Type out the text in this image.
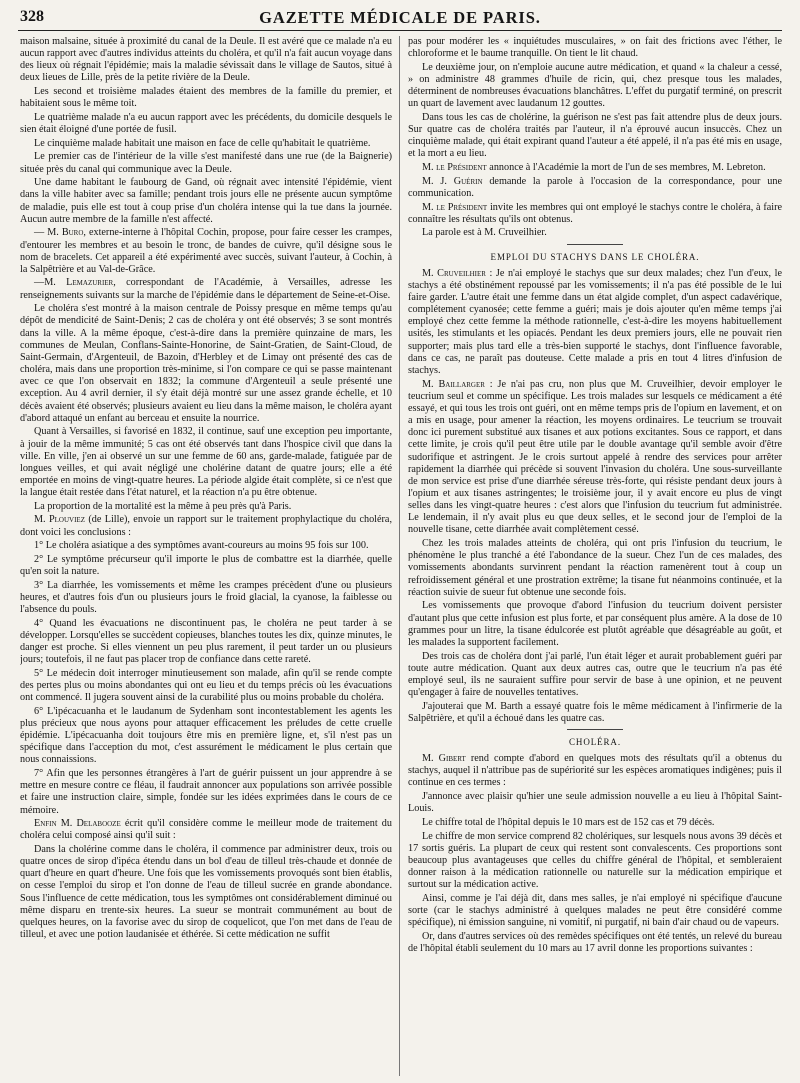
328	GAZETTE MÉDICALE DE PARIS.

maison malsaine, située à proximité du canal de la Deule. Il est avéré que ce malade n'a eu aucun rapport avec d'autres individus atteints du choléra, et qu'il n'a fait aucun voyage dans des lieux où régnait l'épidémie; mais la maladie sévissait dans le village de Sautos, situé à deux lieues de Lille, près de la petite rivière de la Deule.

Les second et troisième malades étaient des membres de la famille du premier, et habitaient sous le même toit.

Le quatrième malade n'a eu aucun rapport avec les précédents, du domicile desquels le sien était éloigné d'une portée de fusil.

Le cinquième malade habitait une maison en face de celle qu'habitait le quatrième.

Le premier cas de l'intérieur de la ville s'est manifesté dans une rue (de la Baignerie) située près du canal qui communique avec la Deule.

Une dame habitant le faubourg de Gand, où régnait avec intensité l'épidémie, vient dans la ville habiter avec sa famille; pendant trois jours elle ne présente aucun symptôme de maladie, puis elle est tout à coup prise d'un choléra intense qui la tue dans la journée. Aucun autre membre de la famille n'est affecté.

— M. Buro, externe-interne à l'hôpital Cochin, propose, pour faire cesser les crampes, d'entourer les membres et au besoin le tronc, de bandes de cuivre, qu'il désigne sous le nom de bracelets. Cet appareil a été expérimenté avec succès, suivant l'auteur, à Cochin, à la Salpêtrière et au Val-de-Grâce.

—M. Lemazurier, correspondant de l'Académie, à Versailles, adresse les renseignements suivants sur la marche de l'épidémie dans le département de Seine-et-Oise.

Le choléra s'est montré à la maison centrale de Poissy presque en même temps qu'au dépôt de mendicité de Saint-Denis; 2 cas de choléra y ont été observés; 3 se sont montrés dans la ville. A la même époque, c'est-à-dire dans la première quinzaine de mars, les communes de Meulan, Conflans-Sainte-Honorine, de Saint-Gratien, de Saint-Cloud, de Saint-Germain, d'Argenteuil, de Bazoin, d'Herbley et de Limay ont présenté des cas de choléra, mais dans une proportion très-minime, si l'on compare ce qui se passe maintenant avec ce que l'on observait en 1832; la commune d'Argenteuil a seule présenté une exception. Au 4 avril dernier, il s'y était déjà montré sur une assez grande échelle, et 10 décès avaient été observés; plusieurs avaient eu lieu dans la même maison, le choléra ayant d'abord attaqué un enfant au berceau et ensuite la nourrice.

Quant à Versailles, si favorisé en 1832, il continue, sauf une exception peu importante, à jouir de la même immunité; 5 cas ont été observés tant dans l'hospice civil que dans la ville. En ville, j'en ai observé un sur une femme de 60 ans, garde-malade, fatiguée par de longues veilles, et qui avait négligé une cholérine datant de quatre jours; elle a été emportée en moins de vingt-quatre heures. La période algide était complète, si ce n'est que la langue était restée dans l'état naturel, et la réaction n'a pu être obtenue.

La proportion de la mortalité est la même à peu près qu'à Paris.

M. Plouviez (de Lille), envoie un rapport sur le traitement prophylactique du choléra, dont voici les conclusions :

1° Le choléra asiatique a des symptômes avant-coureurs au moins 95 fois sur 100.

2° Le symptôme précurseur qu'il importe le plus de combattre est la diarrhée, quelle qu'en soit la nature.

3° La diarrhée, les vomissements et même les crampes précèdent d'une ou plusieurs heures, et d'autres fois d'un ou plusieurs jours le froid glacial, la cyanose, la faiblesse ou l'absence du pouls.

4° Quand les évacuations ne discontinuent pas, le choléra ne peut tarder à se développer. Lorsqu'elles se succèdent copieuses, blanches toutes les dix, quinze minutes, le danger est proche. Si elles viennent un peu plus rarement, il peut tarder un ou plusieurs jours; toutefois, il ne faut pas placer trop de confiance dans cette rareté.

5° Le médecin doit interroger minutieusement son malade, afin qu'il se rende compte des pertes plus ou moins abondantes qui ont eu lieu et du temps précis où les évacuations ont commencé. Il jugera souvent ainsi de la curabilité plus ou moins probable du choléra.

6° L'ipécacuanha et le laudanum de Sydenham sont incontestablement les agents les plus précieux que nous ayons pour attaquer efficacement les préludes de cette cruelle épidémie. L'ipécacuanha doit toujours être mis en première ligne, et, s'il n'est pas un spécifique dans l'acception du mot, c'est assurément le médicament le plus certain que nous connaissions.

7° Afin que les personnes étrangères à l'art de guérir puissent un jour apprendre à se mettre en mesure contre ce fléau, il faudrait annoncer aux populations son arrivée possible et faire une instruction claire, simple, fondée sur les idées exprimées dans le cours de ce mémoire.

Enfin M. Delabooze écrit qu'il considère comme le meilleur mode de traitement du choléra celui composé ainsi qu'il suit :

Dans la cholérine comme dans le choléra, il commence par administrer deux, trois ou quatre onces de sirop d'ipéca étendu dans un bol d'eau de tilleul très-chaude et donnée de quart d'heure en quart d'heure. Une fois que les vomissements provoqués sont bien établis, on cesse l'emploi du sirop et l'on donne de l'eau de tilleul sucrée en grande abondance. Sous l'influence de cette médication, tous les symptômes ont considérablement diminué ou même disparu en trente-six heures. La sueur se montrait communément au bout de quelques heures, on la favorise avec du sirop de coquelicot, que l'on met dans de l'eau de tilleul, et avec une potion laudanisée et éthérée. Si cette médication ne suffit

pas pour modérer les « inquiétudes musculaires, » on fait des frictions avec l'éther, le chloroforme et le baume tranquille. On tient le lit chaud.

Le deuxième jour, on n'emploie aucune autre médication, et quand « la chaleur a cessé, » on administre 48 grammes d'huile de ricin, qui, chez presque tous les malades, déterminent de nombreuses évacuations blanchâtres. L'effet du purgatif terminé, on prescrit un quart de lavement avec laudanum 12 gouttes.

Dans tous les cas de cholérine, la guérison ne s'est pas fait attendre plus de deux jours. Sur quatre cas de choléra traités par l'auteur, il n'a éprouvé aucun insuccès. Chez un cinquième malade, qui était expirant quand l'auteur a été appelé, il n'a pas été mis en usage, et la mort a eu lieu.

M. le Président annonce à l'Académie la mort de l'un de ses membres, M. Lebreton.

M. J. Guérin demande la parole à l'occasion de la correspondance, pour une communication.

M. le Président invite les membres qui ont employé le stachys contre le choléra, à faire connaître les résultats qu'ils ont obtenus.

La parole est à M. Cruveilhier.

EMPLOI DU STACHYS DANS LE CHOLÉRA.

M. Cruveilhier : Je n'ai employé le stachys que sur deux malades; chez l'un d'eux, le stachys a été obstinément repoussé par les vomissements; il n'a pas été possible de le lui faire garder. L'autre était une femme dans un état algide complet, d'un aspect cadavérique, complétement cyanosée; cette femme a guéri; mais je dois ajouter qu'en même temps j'ai employé chez cette femme la méthode rationnelle, c'est-à-dire les moyens habituellement usités, les stimulants et les opiacés. Pendant les deux premiers jours, elle ne pouvait rien supporter; mais plus tard elle a très-bien supporté le stachys, dont l'influence favorable, dans ce cas, ne paraît pas douteuse. Cette malade a pris en tout 4 litres d'infusion de stachys.

M. Baillarger : Je n'ai pas cru, non plus que M. Cruveilhier, devoir employer le teucrium seul et comme un spécifique. Les trois malades sur lesquels ce médicament a été essayé, et qui tous les trois ont guéri, ont en même temps pris de l'opium en lavement, et on a mis en usage, pour amener la réaction, les moyens ordinaires. Le teucrium se trouvait donc ici purement substitué aux tisanes et aux potions excitantes. Sous ce rapport, et dans cette limite, je crois qu'il peut être utile par le double avantage qu'il semble avoir d'être sudorifique et astringent. Je le crois surtout appelé à rendre des services pour arrêter rapidement la diarrhée qui précède si souvent l'invasion du choléra. Une sous-surveillante de mon service est prise d'une diarrhée séreuse très-forte, qui résiste pendant deux jours à l'opium et aux tisanes astringentes; le troisième jour, il y avait encore eu plus de vingt selles dans les vingt-quatre heures : c'est alors que l'infusion du teucrium fut administrée. Le lendemain, il n'y avait plus eu que deux selles, et le second jour de l'emploi de la nouvelle tisane, cette diarrhée avait complètement cessé.

Chez les trois malades atteints de choléra, qui ont pris l'infusion du teucrium, le phénomène le plus tranché a été l'abondance de la sueur. Chez l'un de ces malades, des vomissements abondants survinrent pendant la réaction ramenèrent tout à coup un refroidissement général et une prostration extrême; la tisane fut néanmoins continuée, et la réaction suivie de sueur fut obtenue une seconde fois.

Les vomissements que provoque d'abord l'infusion du teucrium doivent persister d'autant plus que cette infusion est plus forte, et par conséquent plus amère. A la dose de 10 grammes pour un litre, la tisane édulcorée est plutôt agréable que désagréable au goût, et les malades la supportent facilement.

Des trois cas de choléra dont j'ai parlé, l'un était léger et aurait probablement guéri par toute autre médication. Quant aux deux autres cas, outre que le teucrium n'a pas été employé seul, ils ne sauraient suffire pour servir de base à une opinion, et ne peuvent qu'engager à faire de nouvelles tentatives.

J'ajouterai que M. Barth a essayé quatre fois le même médicament à l'infirmerie de la Salpêtrière, et qu'il a échoué dans les quatre cas.

CHOLÉRA.

M. Gibert rend compte d'abord en quelques mots des résultats qu'il a obtenus du stachys, auquel il n'attribue pas de supériorité sur les espèces aromatiques indigènes; puis il continue en ces termes :

J'annonce avec plaisir qu'hier une seule admission nouvelle a eu lieu à l'hôpital Saint-Louis.

Le chiffre total de l'hôpital depuis le 10 mars est de 152 cas et 79 décès.

Le chiffre de mon service comprend 82 cholériques, sur lesquels nous avons 39 décès et 17 sortis guéris. La plupart de ceux qui restent sont convalescents. Ces proportions sont beaucoup plus avantageuses que celles du chiffre général de l'hôpital, et sembleraient donner raison à la médication rationnelle ou naturelle sur la médication empirique et surtout sur la médication active.

Ainsi, comme je l'ai déjà dit, dans mes salles, je n'ai employé ni spécifique d'aucune sorte (car le stachys administré à quelques malades ne peut être considéré comme spécifique), ni émission sanguine, ni vomitif, ni purgatif, ni bain d'air chaud ou de vapeurs.

Or, dans d'autres services où des remèdes spécifiques ont été tentés, un relevé du bureau de l'hôpital établi seulement du 10 mars au 17 avril donne les proportions suivantes :
